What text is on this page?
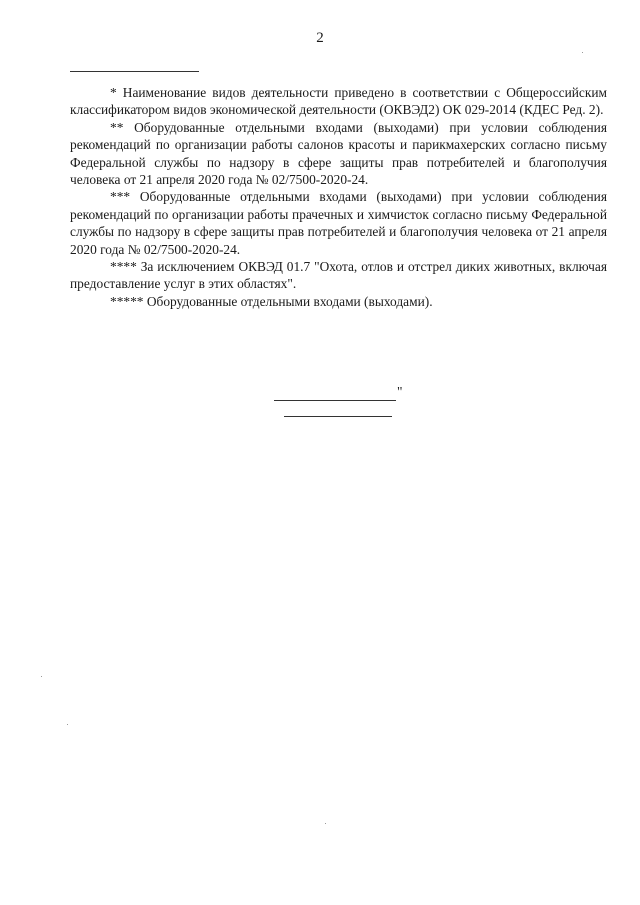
2

* Наименование видов деятельности приведено в соответствии с Общероссийским классификатором видов экономической деятельности (ОКВЭД2) ОК 029-2014 (КДЕС Ред. 2).

** Оборудованные отдельными входами (выходами) при условии соблюдения рекомендаций по организации работы салонов красоты и парикмахерских согласно письму Федеральной службы по надзору в сфере защиты прав потребителей и благополучия человека от 21 апреля 2020 года № 02/7500-2020-24.

*** Оборудованные отдельными входами (выходами) при условии соблюдения рекомендаций по организации работы прачечных и химчисток согласно письму Федеральной службы по надзору в сфере защиты прав потребителей и благополучия человека от 21 апреля 2020 года № 02/7500-2020-24.

**** За исключением ОКВЭД 01.7 "Охота, отлов и отстрел диких животных, включая предоставление услуг в этих областях".

***** Оборудованные отдельными входами (выходами).

"
